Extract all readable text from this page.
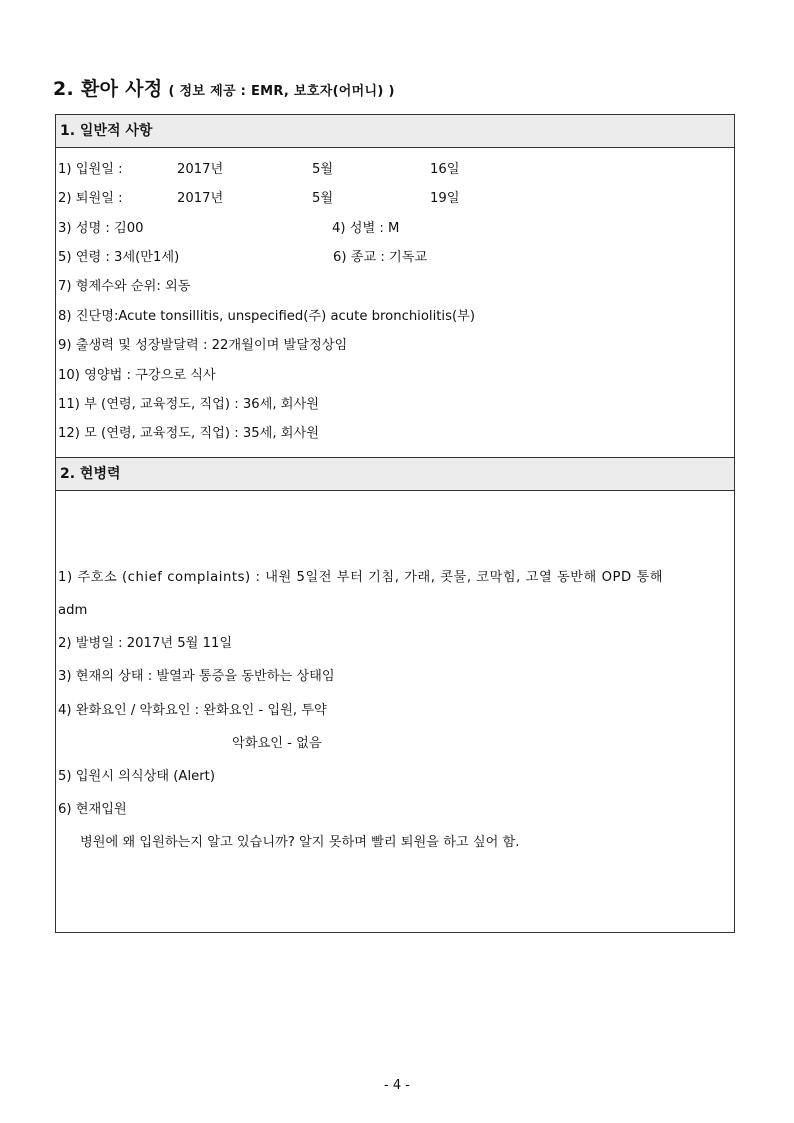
2. 환아 사정 ( 정보 제공 : EMR, 보호자(어머니) )
1. 일반적 사항
1) 입원일 :	2017년	5월	16일
2) 퇴원일 :	2017년	5월	19일
3) 성명 : 김00	4) 성별 : M
5) 연령 : 3세(만1세)	6) 종교 : 기독교
7) 형제수와 순위: 외동
8) 진단명:Acute tonsillitis, unspecified(주) acute bronchiolitis(부)
9) 출생력 및 성장발달력 : 22개월이며 발달정상임
10) 영양법 : 구강으로 식사
11) 부 (연령, 교육정도, 직업) : 36세, 회사원
12) 모 (연령, 교육정도, 직업) : 35세, 회사원
2. 현병력
1) 주호소 (chief complaints) : 내원 5일전 부터 기침, 가래, 콧물, 코막힘, 고열 동반해 OPD 통해
adm
2) 발병일 : 2017년 5월 11일
3) 현재의 상태 : 발열과 통증을 동반하는 상태임
4) 완화요인 / 악화요인 : 완화요인 - 입원, 투약
악화요인 - 없음
5) 입원시 의식상태 (Alert)
6) 현재입원
병원에 왜 입원하는지 알고 있습니까? 알지 못하며 빨리 퇴원을 하고 싶어 함.
- 4 -
